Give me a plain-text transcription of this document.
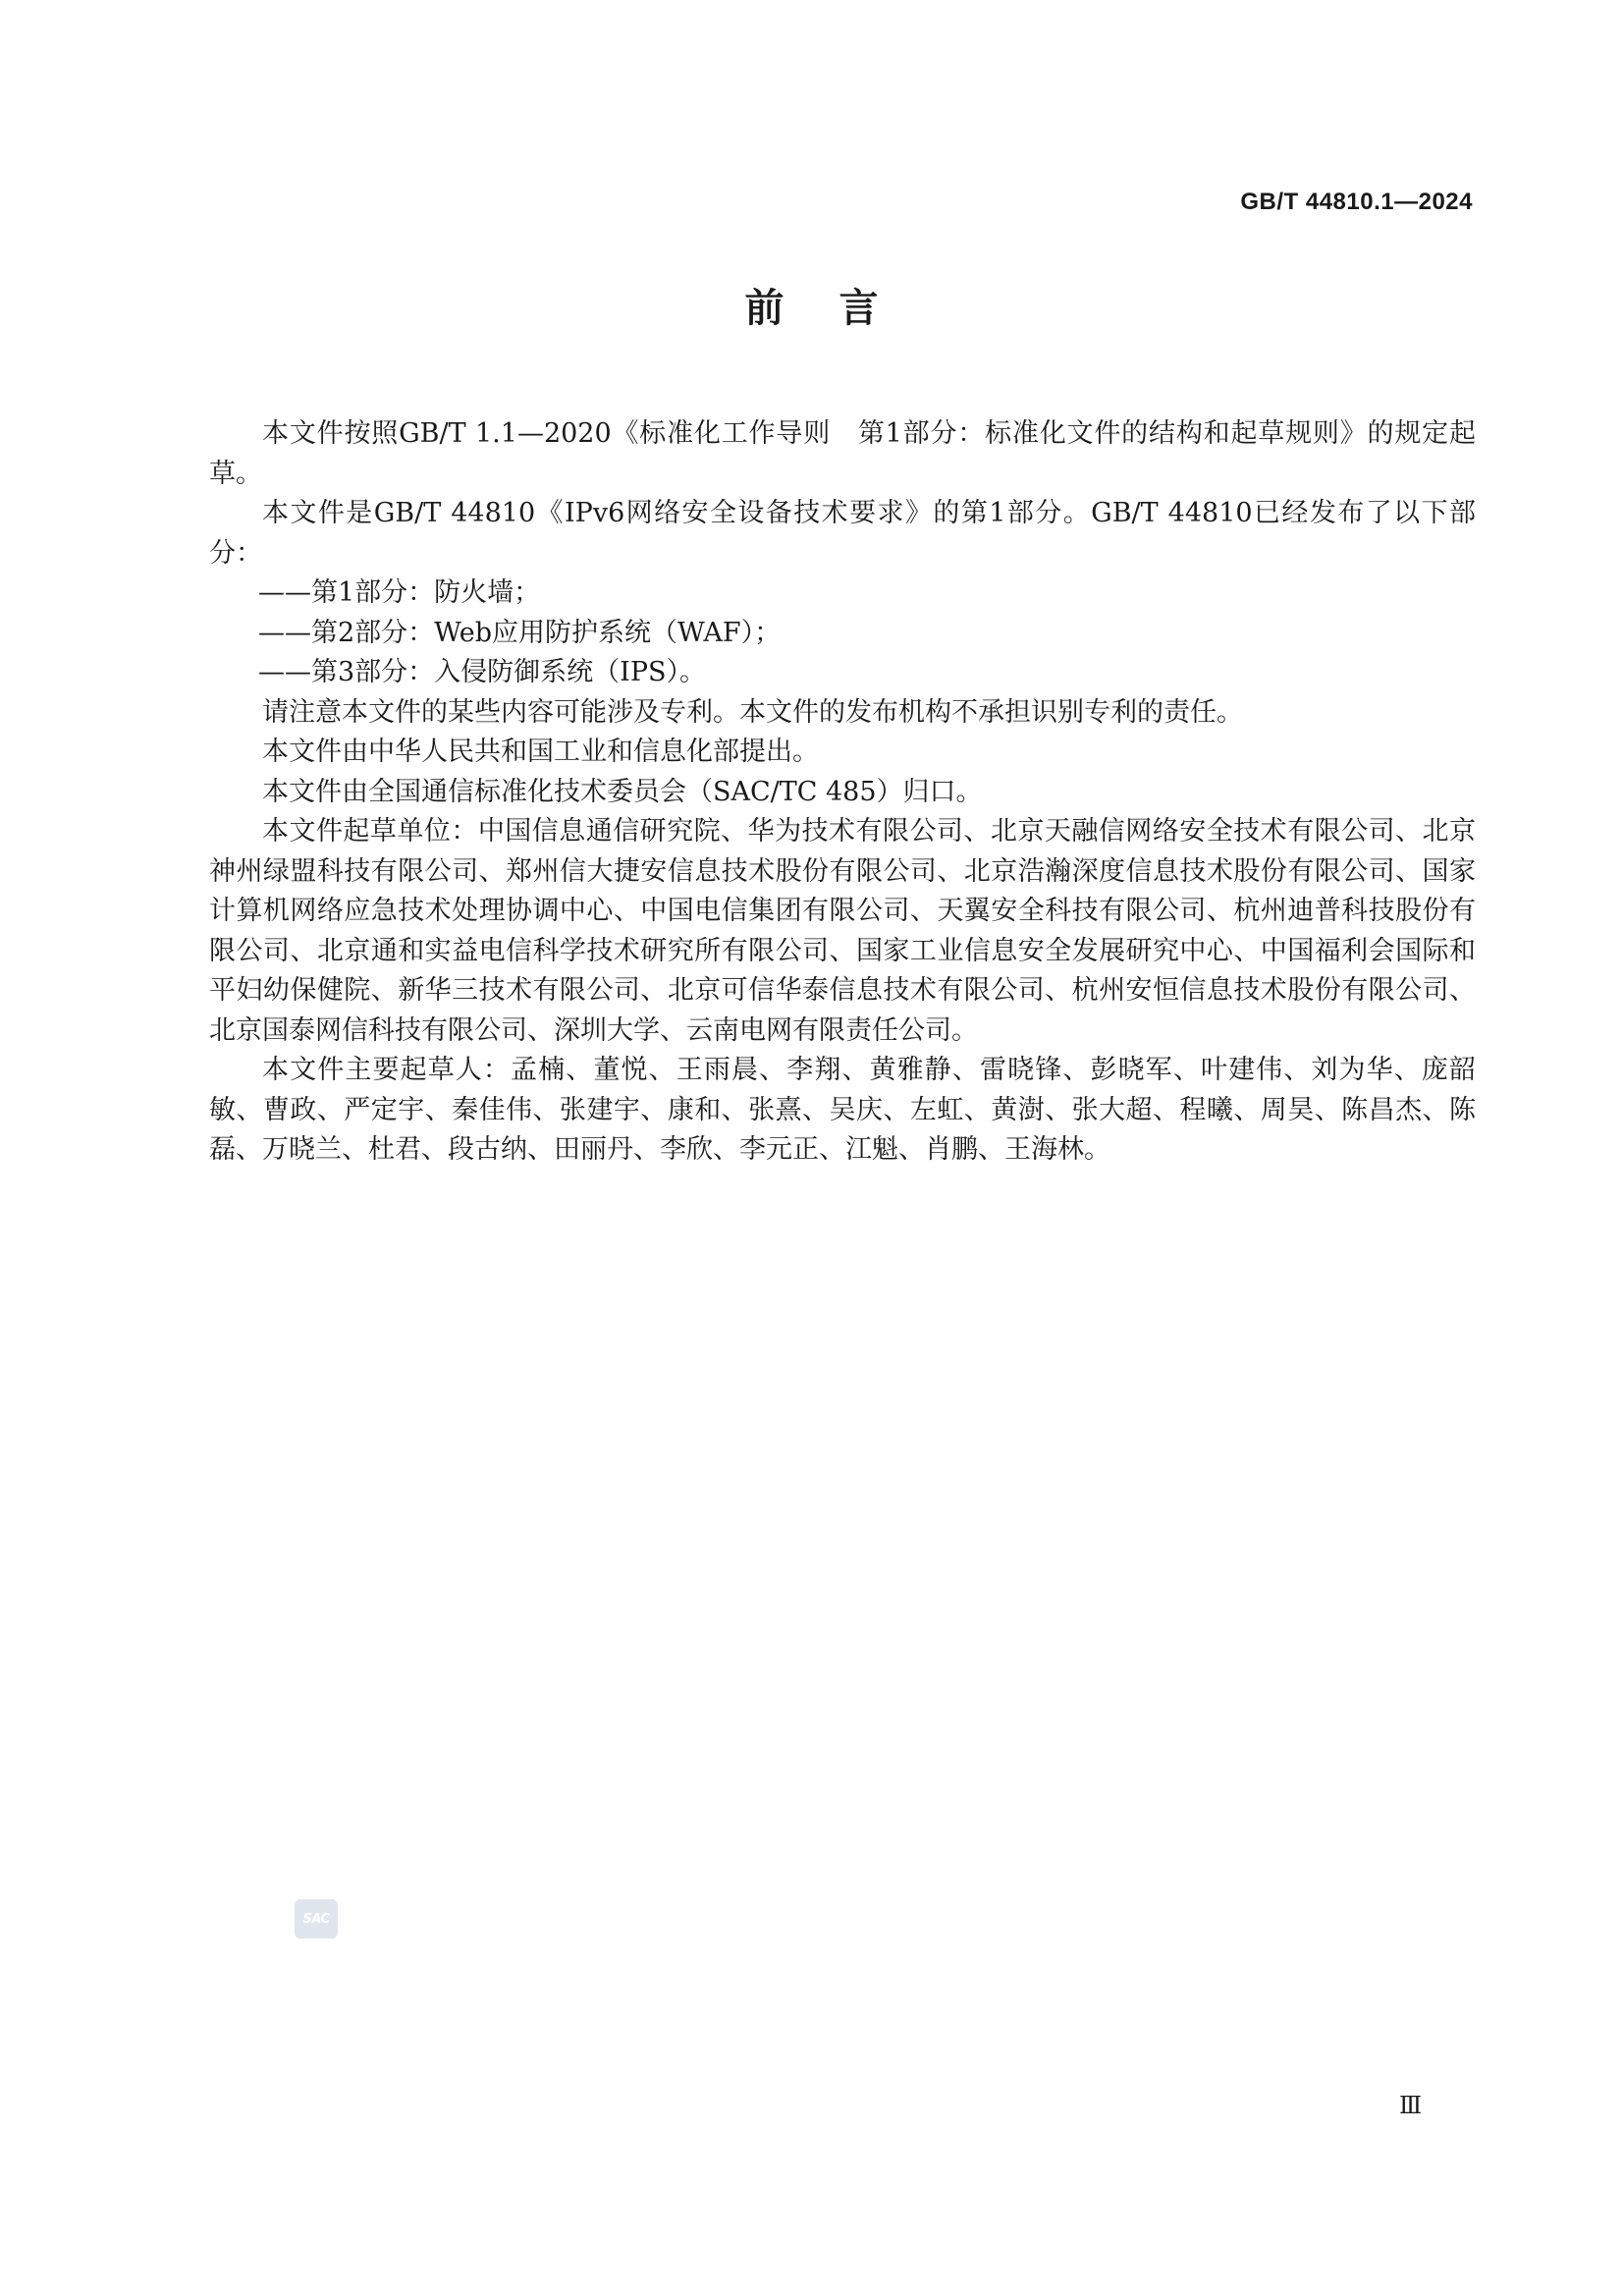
GB/T 44810.1—2024
前言

本文件按照GB/T 1.1—2020《标准化工作导则　第1部分：标准化文件的结构和起草规则》的规定起草。

本文件是GB/T 44810《IPv6网络安全设备技术要求》的第1部分。GB/T 44810已经发布了以下部分：

——第1部分：防火墙；

——第2部分：Web应用防护系统（WAF）；

——第3部分：入侵防御系统（IPS）。

请注意本文件的某些内容可能涉及专利。本文件的发布机构不承担识别专利的责任。

本文件由中华人民共和国工业和信息化部提出。

本文件由全国通信标准化技术委员会（SAC/TC 485）归口。

本文件起草单位：中国信息通信研究院、华为技术有限公司、北京天融信网络安全技术有限公司、北京神州绿盟科技有限公司、郑州信大捷安信息技术股份有限公司、北京浩瀚深度信息技术股份有限公司、国家计算机网络应急技术处理协调中心、中国电信集团有限公司、天翼安全科技有限公司、杭州迪普科技股份有限公司、北京通和实益电信科学技术研究所有限公司、国家工业信息安全发展研究中心、中国福利会国际和平妇幼保健院、新华三技术有限公司、北京可信华泰信息技术有限公司、杭州安恒信息技术股份有限公司、北京国泰网信科技有限公司、深圳大学、云南电网有限责任公司。

本文件主要起草人：孟楠、董悦、王雨晨、李翔、黄雅静、雷晓锋、彭晓军、叶建伟、刘为华、庞韶敏、曹政、严定宇、秦佳伟、张建宇、康和、张熹、吴庆、左虹、黄澍、张大超、程曦、周昊、陈昌杰、陈磊、万晓兰、杜君、段古纳、田丽丹、李欣、李元正、江魁、肖鹏、王海林。

SAC
Ⅲ
